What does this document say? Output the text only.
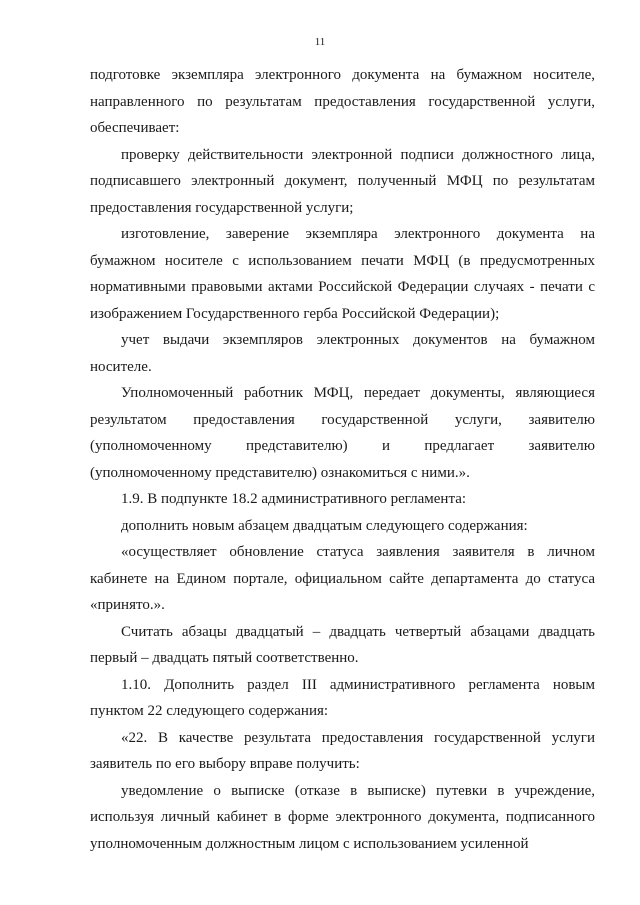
11

подготовке экземпляра электронного документа на бумажном носителе, направленного по результатам предоставления государственной услуги, обеспечивает:

проверку действительности электронной подписи должностного лица, подписавшего электронный документ, полученный МФЦ по результатам предоставления государственной услуги;

изготовление, заверение экземпляра электронного документа на бумажном носителе с использованием печати МФЦ (в предусмотренных нормативными правовыми актами Российской Федерации случаях - печати с изображением Государственного герба Российской Федерации);

учет выдачи экземпляров электронных документов на бумажном носителе.

Уполномоченный работник МФЦ, передает документы, являющиеся результатом предоставления государственной услуги, заявителю (уполномоченному представителю) и предлагает заявителю (уполномоченному представителю) ознакомиться с ними.».

1.9. В подпункте 18.2 административного регламента:

дополнить новым абзацем двадцатым следующего содержания:

«осуществляет обновление статуса заявления заявителя в личном кабинете на Едином портале, официальном сайте департамента до статуса «принято.».

Считать абзацы двадцатый – двадцать четвертый абзацами двадцать первый – двадцать пятый соответственно.

1.10. Дополнить раздел III административного регламента новым пунктом 22 следующего содержания:

«22. В качестве результата предоставления государственной услуги заявитель по его выбору вправе получить:

уведомление о выписке (отказе в выписке) путевки в учреждение, используя личный кабинет в форме электронного документа, подписанного уполномоченным должностным лицом с использованием усиленной
